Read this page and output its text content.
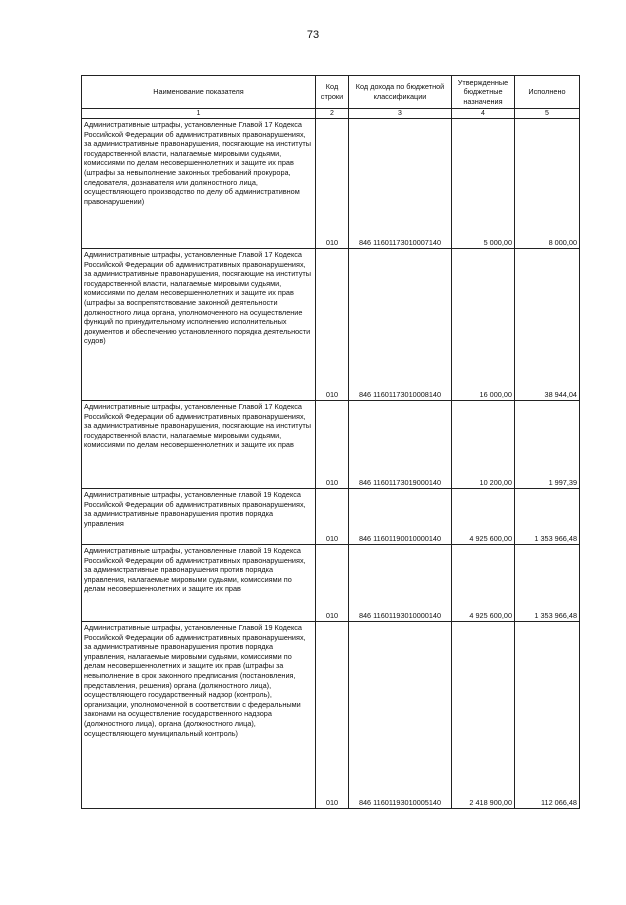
73
Наименование показателя	Код строки	Код дохода по бюджетной классификации	Утвержденные бюджетные назначения	Исполнено
1	2	3	4	5
Административные штрафы, установленные Главой 17 Кодекса Российской Федерации об административных правонарушениях, за административные правонарушения, посягающие на институты государственной власти, налагаемые мировыми судьями, комиссиями по делам несовершеннолетних и защите их прав (штрафы за невыполнение законных требований прокурора, следователя, дознавателя или должностного лица, осуществляющего производство по делу об административном правонарушении)	010	846 11601173010007140	5 000,00	8 000,00
Административные штрафы, установленные Главой 17 Кодекса Российской Федерации об административных правонарушениях, за административные правонарушения, посягающие на институты государственной власти, налагаемые мировыми судьями, комиссиями по делам несовершеннолетних и защите их прав (штрафы за воспрепятствование законной деятельности должностного лица органа, уполномоченного на осуществление функций по принудительному исполнению исполнительных документов и обеспечению установленного порядка деятельности судов)	010	846 11601173010008140	16 000,00	38 944,04
Административные штрафы, установленные Главой 17 Кодекса Российской Федерации об административных правонарушениях, за административные правонарушения, посягающие на институты государственной власти, налагаемые мировыми судьями, комиссиями по делам несовершеннолетних и защите их прав	010	846 11601173019000140	10 200,00	1 997,39
Административные штрафы, установленные главой 19 Кодекса Российской Федерации об административных правонарушениях, за административные правонарушения против порядка управления	010	846 11601190010000140	4 925 600,00	1 353 966,48
Административные штрафы, установленные главой 19 Кодекса Российской Федерации об административных правонарушениях, за административные правонарушения против порядка управления, налагаемые мировыми судьями, комиссиями по делам несовершеннолетних и защите их прав	010	846 11601193010000140	4 925 600,00	1 353 966,48
Административные штрафы, установленные Главой 19 Кодекса Российской Федерации об административных правонарушениях, за административные правонарушения против порядка управления, налагаемые мировыми судьями, комиссиями по делам несовершеннолетних и защите их прав (штрафы за невыполнение в срок законного предписания (постановления, представления, решения) органа (должностного лица), осуществляющего государственный надзор (контроль), организации, уполномоченной в соответствии с федеральными законами на осуществление государственного надзора (должностного лица), органа (должностного лица), осуществляющего муниципальный контроль)	010	846 11601193010005140	2 418 900,00	112 066,48
